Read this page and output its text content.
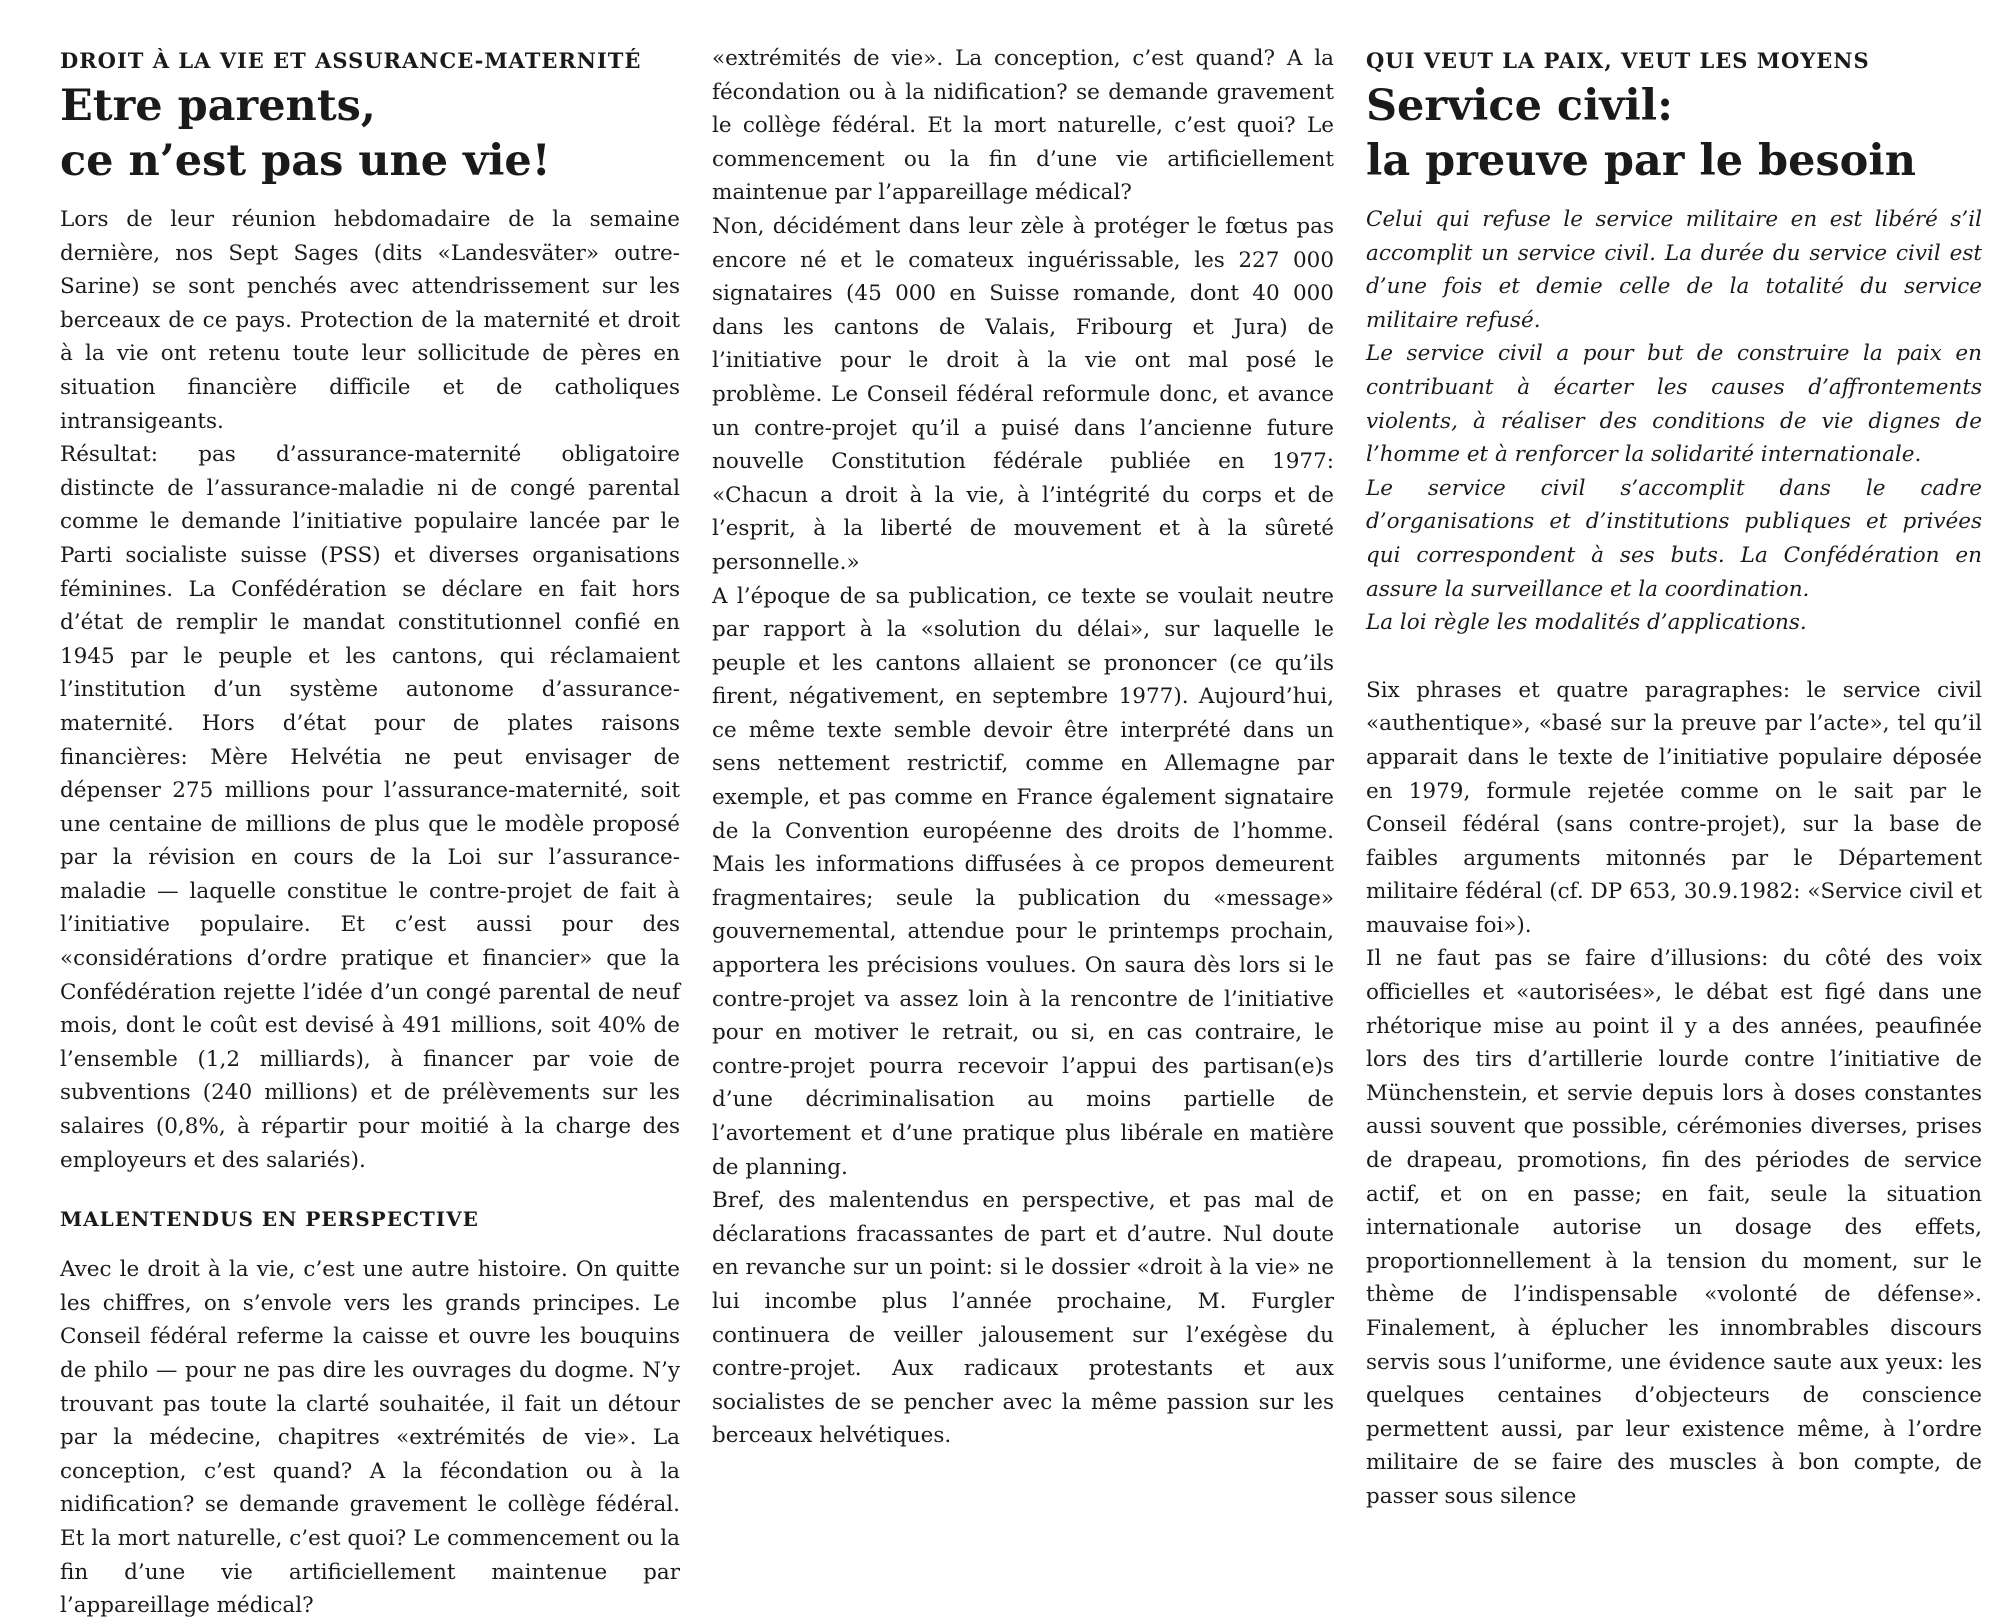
DROIT À LA VIE ET ASSURANCE-MATERNITÉ
Etre parents,
ce n’est pas une vie!

Lors de leur réunion hebdomadaire de la semaine dernière, nos Sept Sages (dits «Landesväter» outre-Sarine) se sont penchés avec attendrissement sur les berceaux de ce pays. Protection de la maternité et droit à la vie ont retenu toute leur sollicitude de pères en situation financière difficile et de catholiques intransigeants.

Résultat: pas d’assurance-maternité obligatoire distincte de l’assurance-maladie ni de congé parental comme le demande l’initiative populaire lancée par le Parti socialiste suisse (PSS) et diverses organisations féminines. La Confédération se déclare en fait hors d’état de remplir le mandat constitutionnel confié en 1945 par le peuple et les cantons, qui réclamaient l’institution d’un système autonome d’assurance-maternité. Hors d’état pour de plates raisons financières: Mère Helvétia ne peut envisager de dépenser 275 millions pour l’assurance-maternité, soit une centaine de millions de plus que le modèle proposé par la révision en cours de la Loi sur l’assurance-maladie — laquelle constitue le contre-projet de fait à l’initiative populaire. Et c’est aussi pour des «considérations d’ordre pratique et financier» que la Confédération rejette l’idée d’un congé parental de neuf mois, dont le coût est devisé à 491 millions, soit 40% de l’ensemble (1,2 milliards), à financer par voie de subventions (240 millions) et de prélèvements sur les salaires (0,8%, à répartir pour moitié à la charge des employeurs et des salariés).

MALENTENDUS EN PERSPECTIVE

Avec le droit à la vie, c’est une autre histoire. On quitte les chiffres, on s’envole vers les grands principes. Le Conseil fédéral referme la caisse et ouvre les bouquins de philo — pour ne pas dire les ouvrages du dogme. N’y trouvant pas toute la clarté souhaitée, il fait un détour par la médecine, chapitres «extrémités de vie». La conception, c’est quand? A la fécondation ou à la nidification? se demande gravement le collège fédéral. Et la mort naturelle, c’est quoi? Le commencement ou la fin d’une vie artificiellement maintenue par l’appareillage médical?

«extrémités de vie». La conception, c’est quand? A la fécondation ou à la nidification? se demande gravement le collège fédéral. Et la mort naturelle, c’est quoi? Le commencement ou la fin d’une vie artificiellement maintenue par l’appareillage médical?

Non, décidément dans leur zèle à protéger le fœtus pas encore né et le comateux inguérissable, les 227 000 signataires (45 000 en Suisse romande, dont 40 000 dans les cantons de Valais, Fribourg et Jura) de l’initiative pour le droit à la vie ont mal posé le problème. Le Conseil fédéral reformule donc, et avance un contre-projet qu’il a puisé dans l’ancienne future nouvelle Constitution fédérale publiée en 1977: «Chacun a droit à la vie, à l’intégrité du corps et de l’esprit, à la liberté de mouvement et à la sûreté personnelle.»

A l’époque de sa publication, ce texte se voulait neutre par rapport à la «solution du délai», sur laquelle le peuple et les cantons allaient se prononcer (ce qu’ils firent, négativement, en septembre 1977). Aujourd’hui, ce même texte semble devoir être interprété dans un sens nettement restrictif, comme en Allemagne par exemple, et pas comme en France également signataire de la Convention européenne des droits de l’homme. Mais les informations diffusées à ce propos demeurent fragmentaires; seule la publication du «message» gouvernemental, attendue pour le printemps prochain, apportera les précisions voulues. On saura dès lors si le contre-projet va assez loin à la rencontre de l’initiative pour en motiver le retrait, ou si, en cas contraire, le contre-projet pourra recevoir l’appui des partisan(e)s d’une décriminalisation au moins partielle de l’avortement et d’une pratique plus libérale en matière de planning.

Bref, des malentendus en perspective, et pas mal de déclarations fracassantes de part et d’autre. Nul doute en revanche sur un point: si le dossier «droit à la vie» ne lui incombe plus l’année prochaine, M. Furgler continuera de veiller jalousement sur l’exégèse du contre-projet. Aux radicaux protestants et aux socialistes de se pencher avec la même passion sur les berceaux helvétiques.

QUI VEUT LA PAIX, VEUT LES MOYENS
Service civil:
la preuve par le besoin

Celui qui refuse le service militaire en est libéré s’il accomplit un service civil. La durée du service civil est d’une fois et demie celle de la totalité du service militaire refusé.

Le service civil a pour but de construire la paix en contribuant à écarter les causes d’affrontements violents, à réaliser des conditions de vie dignes de l’homme et à renforcer la solidarité internationale.

Le service civil s’accomplit dans le cadre d’organisations et d’institutions publiques et privées qui correspondent à ses buts. La Confédération en assure la surveillance et la coordination.

La loi règle les modalités d’applications.

Six phrases et quatre paragraphes: le service civil «authentique», «basé sur la preuve par l’acte», tel qu’il apparait dans le texte de l’initiative populaire déposée en 1979, formule rejetée comme on le sait par le Conseil fédéral (sans contre-projet), sur la base de faibles arguments mitonnés par le Département militaire fédéral (cf. DP 653, 30.9.1982: «Service civil et mauvaise foi»).

Il ne faut pas se faire d’illusions: du côté des voix officielles et «autorisées», le débat est figé dans une rhétorique mise au point il y a des années, peaufinée lors des tirs d’artillerie lourde contre l’initiative de Münchenstein, et servie depuis lors à doses constantes aussi souvent que possible, cérémonies diverses, prises de drapeau, promotions, fin des périodes de service actif, et on en passe; en fait, seule la situation internationale autorise un dosage des effets, proportionnellement à la tension du moment, sur le thème de l’indispensable «volonté de défense». Finalement, à éplucher les innombrables discours servis sous l’uniforme, une évidence saute aux yeux: les quelques centaines d’objecteurs de conscience permettent aussi, par leur existence même, à l’ordre militaire de se faire des muscles à bon compte, de passer sous silence
